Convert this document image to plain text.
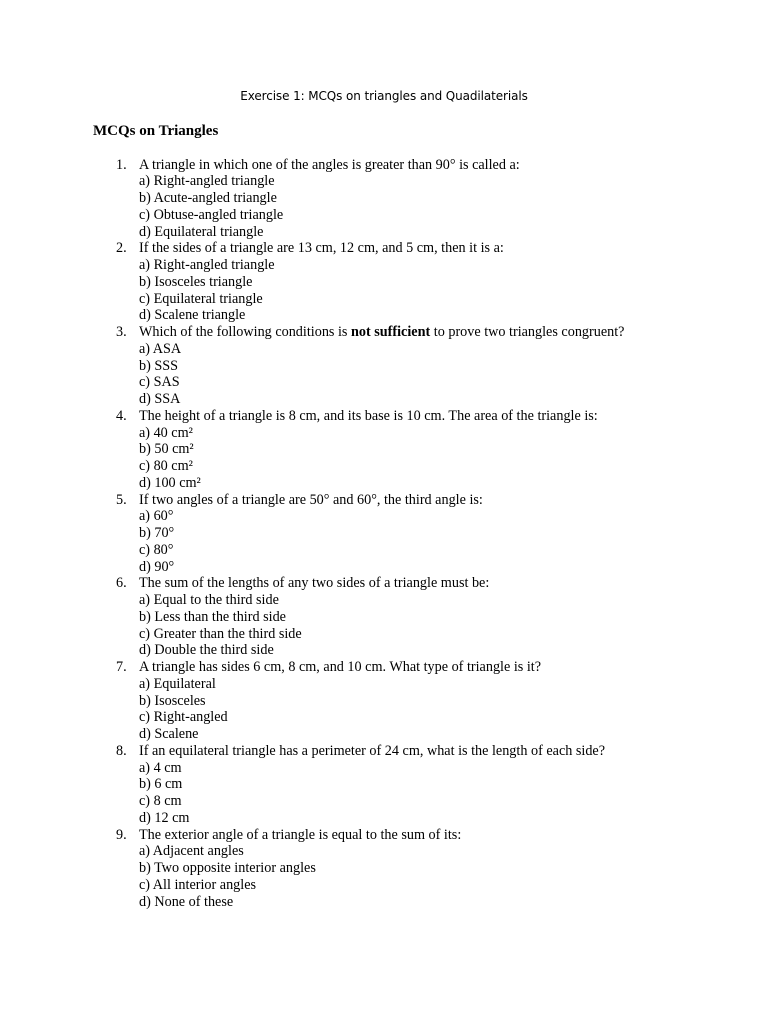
Exercise 1: MCQs on triangles and Quadilaterials
MCQs on Triangles
1. A triangle in which one of the angles is greater than 90° is called a:
a) Right-angled triangle
b) Acute-angled triangle
c) Obtuse-angled triangle
d) Equilateral triangle
2. If the sides of a triangle are 13 cm, 12 cm, and 5 cm, then it is a:
a) Right-angled triangle
b) Isosceles triangle
c) Equilateral triangle
d) Scalene triangle
3. Which of the following conditions is not sufficient to prove two triangles congruent?
a) ASA
b) SSS
c) SAS
d) SSA
4. The height of a triangle is 8 cm, and its base is 10 cm. The area of the triangle is:
a) 40 cm²
b) 50 cm²
c) 80 cm²
d) 100 cm²
5. If two angles of a triangle are 50° and 60°, the third angle is:
a) 60°
b) 70°
c) 80°
d) 90°
6. The sum of the lengths of any two sides of a triangle must be:
a) Equal to the third side
b) Less than the third side
c) Greater than the third side
d) Double the third side
7. A triangle has sides 6 cm, 8 cm, and 10 cm. What type of triangle is it?
a) Equilateral
b) Isosceles
c) Right-angled
d) Scalene
8. If an equilateral triangle has a perimeter of 24 cm, what is the length of each side?
a) 4 cm
b) 6 cm
c) 8 cm
d) 12 cm
9. The exterior angle of a triangle is equal to the sum of its:
a) Adjacent angles
b) Two opposite interior angles
c) All interior angles
d) None of these
